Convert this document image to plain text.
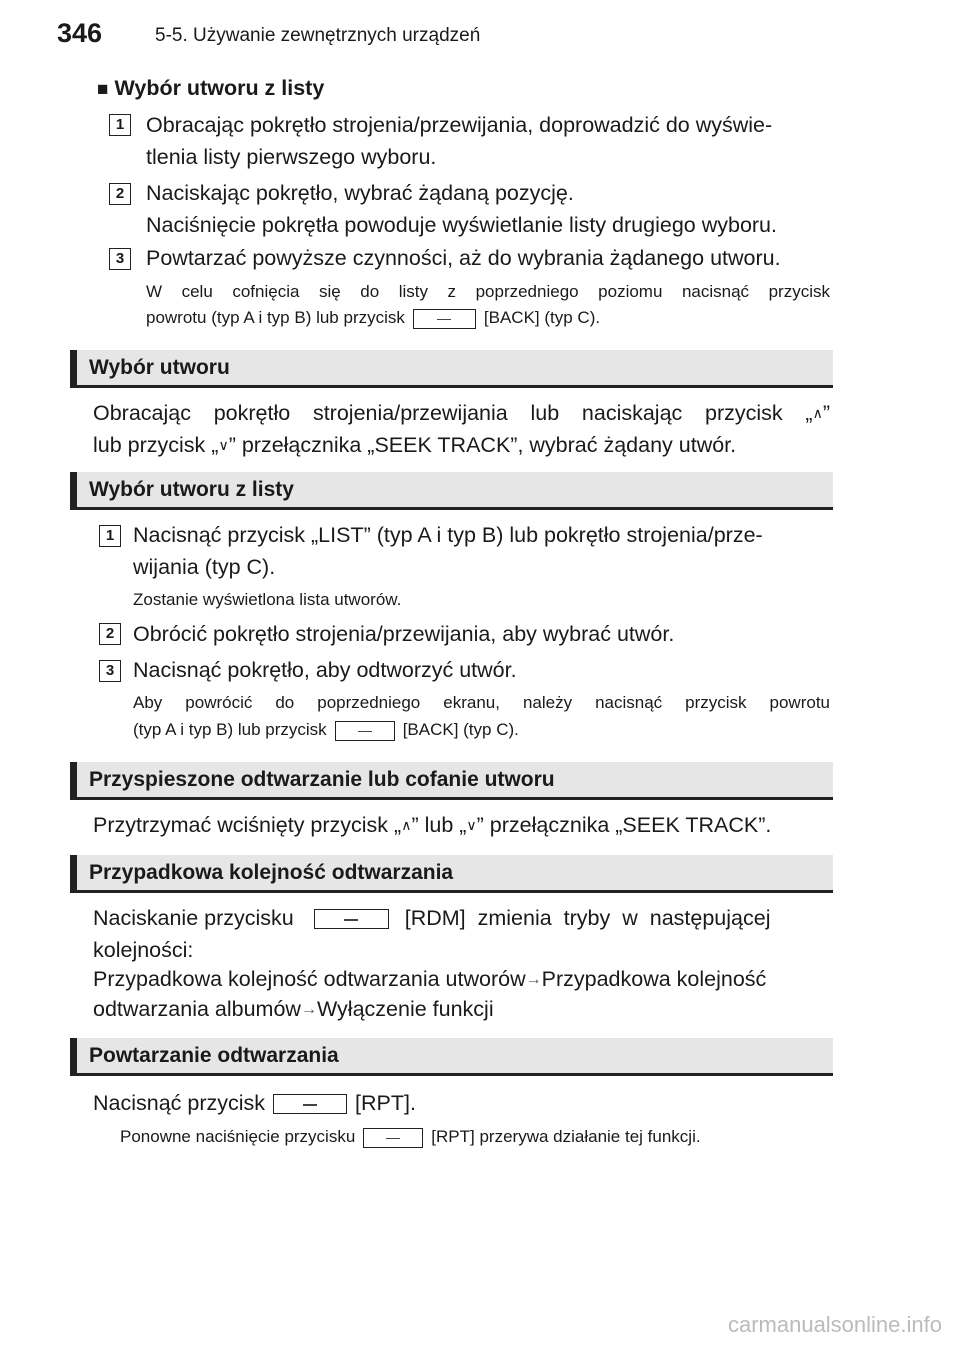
346	5-5. Używanie zewnętrznych urządzeń
■ Wybór utworu z listy
1	Obracając pokrętło strojenia/przewijania, doprowadzić do wyświe-
tlenia listy pierwszego wyboru.
2	Naciskając pokrętło, wybrać żądaną pozycję.
Naciśnięcie pokrętła powoduje wyświetlanie listy drugiego wyboru.
3	Powtarzać powyższe czynności, aż do wybrania żądanego utworu.
W celu cofnięcia się do listy z poprzedniego poziomu nacisnąć przycisk
powrotu (typ A i typ B) lub przycisk	[BACK] (typ C).
Wybór utworu
Obracając pokrętło strojenia/przewijania lub naciskając przycisk „∧”
lub przycisk „∨” przełącznika „SEEK TRACK”, wybrać żądany utwór.
Wybór utworu z listy
1 Nacisnąć przycisk „LIST” (typ A i typ B) lub pokrętło strojenia/prze-
wijania (typ C).
Zostanie wyświetlona lista utworów.
2 Obrócić pokrętło strojenia/przewijania, aby wybrać utwór.
3 Nacisnąć pokrętło, aby odtworzyć utwór.
Aby powrócić do poprzedniego ekranu, należy nacisnąć przycisk powrotu
(typ A i typ B) lub przycisk	[BACK] (typ C).
Przyspieszone odtwarzanie lub cofanie utworu
Przytrzymać wciśnięty przycisk „∧” lub „∨” przełącznika „SEEK TRACK”.
Przypadkowa kolejność odtwarzania
Naciskanie przycisku	[RDM] zmienia tryby w następującej
kolejności:
Przypadkowa kolejność odtwarzania utworów→Przypadkowa kolejność
odtwarzania albumów→Wyłączenie funkcji
Powtarzanie odtwarzania
Nacisnąć przycisk	[RPT].
Ponowne naciśnięcie przycisku	[RPT] przerywa działanie tej funkcji.
carmanualsonline.info
